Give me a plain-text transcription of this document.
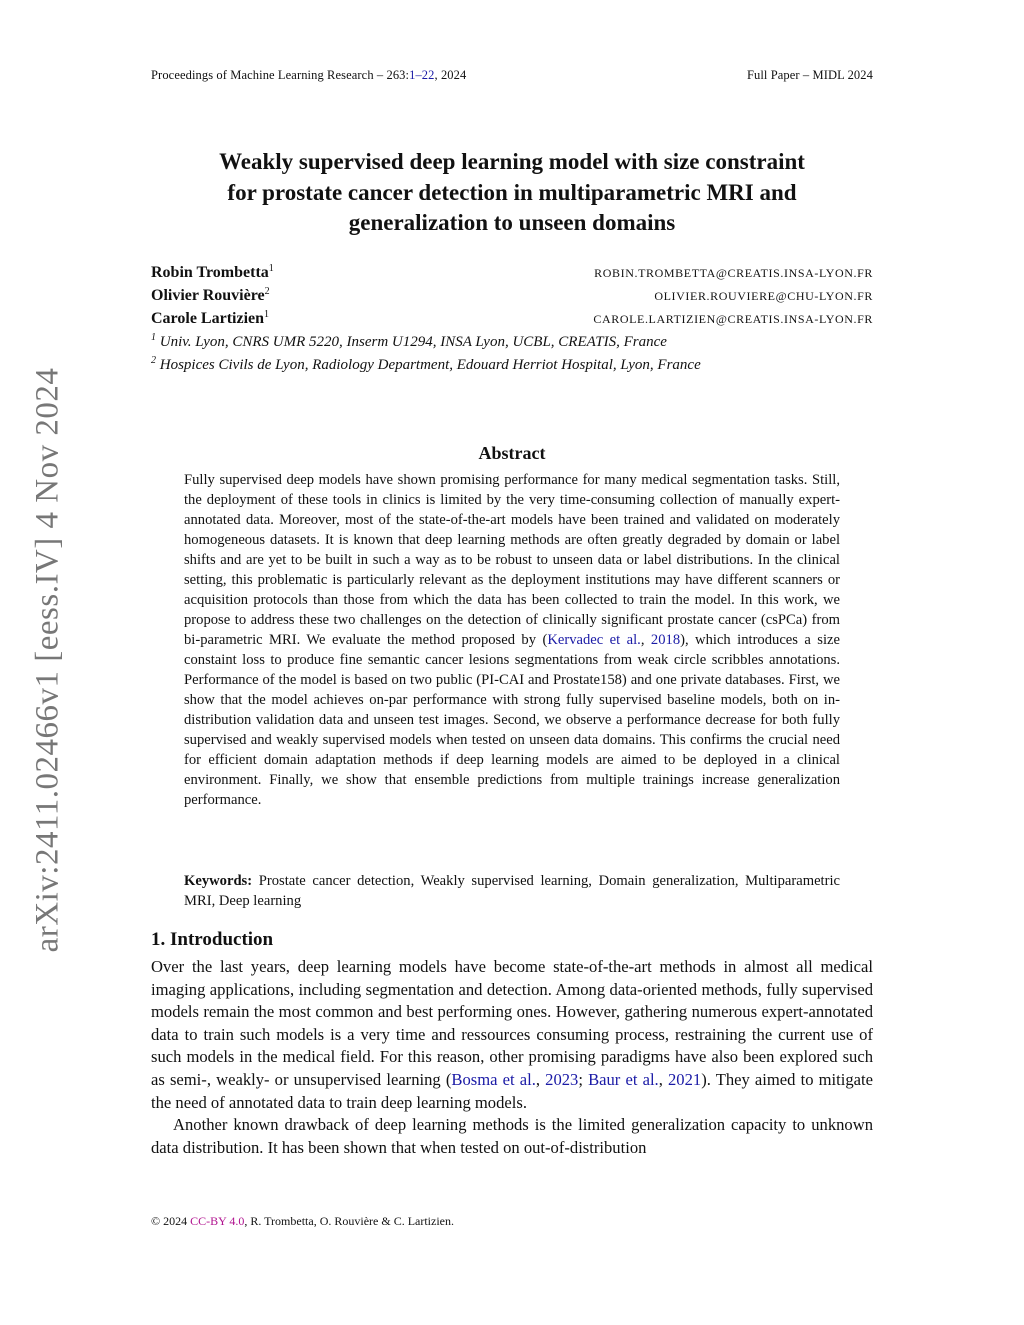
Proceedings of Machine Learning Research – 263:1–22, 2024	Full Paper – MIDL 2024
arXiv:2411.02466v1 [eess.IV] 4 Nov 2024
Weakly supervised deep learning model with size constraint
for prostate cancer detection in multiparametric MRI and
generalization to unseen domains
Robin Trombetta$^1$	ROBIN.TROMBETTA@CREATIS.INSA-LYON.FR
Olivier Rouvière$^2$	OLIVIER.ROUVIERE@CHU-LYON.FR
Carole Lartizien$^1$	CAROLE.LARTIZIEN@CREATIS.INSA-LYON.FR
$^1$ Univ. Lyon, CNRS UMR 5220, Inserm U1294, INSA Lyon, UCBL, CREATIS, France
$^2$ Hospices Civils de Lyon, Radiology Department, Edouard Herriot Hospital, Lyon, France
Abstract
Fully supervised deep models have shown promising performance for many medical segmentation tasks. Still, the deployment of these tools in clinics is limited by the very time-consuming collection of manually expert-annotated data. Moreover, most of the state-of-the-art models have been trained and validated on moderately homogeneous datasets. It is known that deep learning methods are often greatly degraded by domain or label shifts and are yet to be built in such a way as to be robust to unseen data or label distributions. In the clinical setting, this problematic is particularly relevant as the deployment institutions may have different scanners or acquisition protocols than those from which the data has been collected to train the model. In this work, we propose to address these two challenges on the detection of clinically significant prostate cancer (csPCa) from bi-parametric MRI. We evaluate the method proposed by (Kervadec et al., 2018), which introduces a size constaint loss to produce fine semantic cancer lesions segmentations from weak circle scribbles annotations. Performance of the model is based on two public (PI-CAI and Prostate158) and one private databases. First, we show that the model achieves on-par performance with strong fully supervised baseline models, both on in-distribution validation data and unseen test images. Second, we observe a performance decrease for both fully supervised and weakly supervised models when tested on unseen data domains. This confirms the crucial need for efficient domain adaptation methods if deep learning models are aimed to be deployed in a clinical environment. Finally, we show that ensemble predictions from multiple trainings increase generalization performance.
Keywords: Prostate cancer detection, Weakly supervised learning, Domain generalization, Multiparametric MRI, Deep learning
1. Introduction

Over the last years, deep learning models have become state-of-the-art methods in almost all medical imaging applications, including segmentation and detection. Among data-oriented methods, fully supervised models remain the most common and best performing ones. However, gathering numerous expert-annotated data to train such models is a very time and ressources consuming process, restraining the current use of such models in the medical field. For this reason, other promising paradigms have also been explored such as semi-, weakly- or unsupervised learning (Bosma et al., 2023; Baur et al., 2021). They aimed to mitigate the need of annotated data to train deep learning models.

Another known drawback of deep learning methods is the limited generalization capacity to unknown data distribution. It has been shown that when tested on out-of-distribution

© 2024 CC-BY 4.0, R. Trombetta, O. Rouvière & C. Lartizien.
